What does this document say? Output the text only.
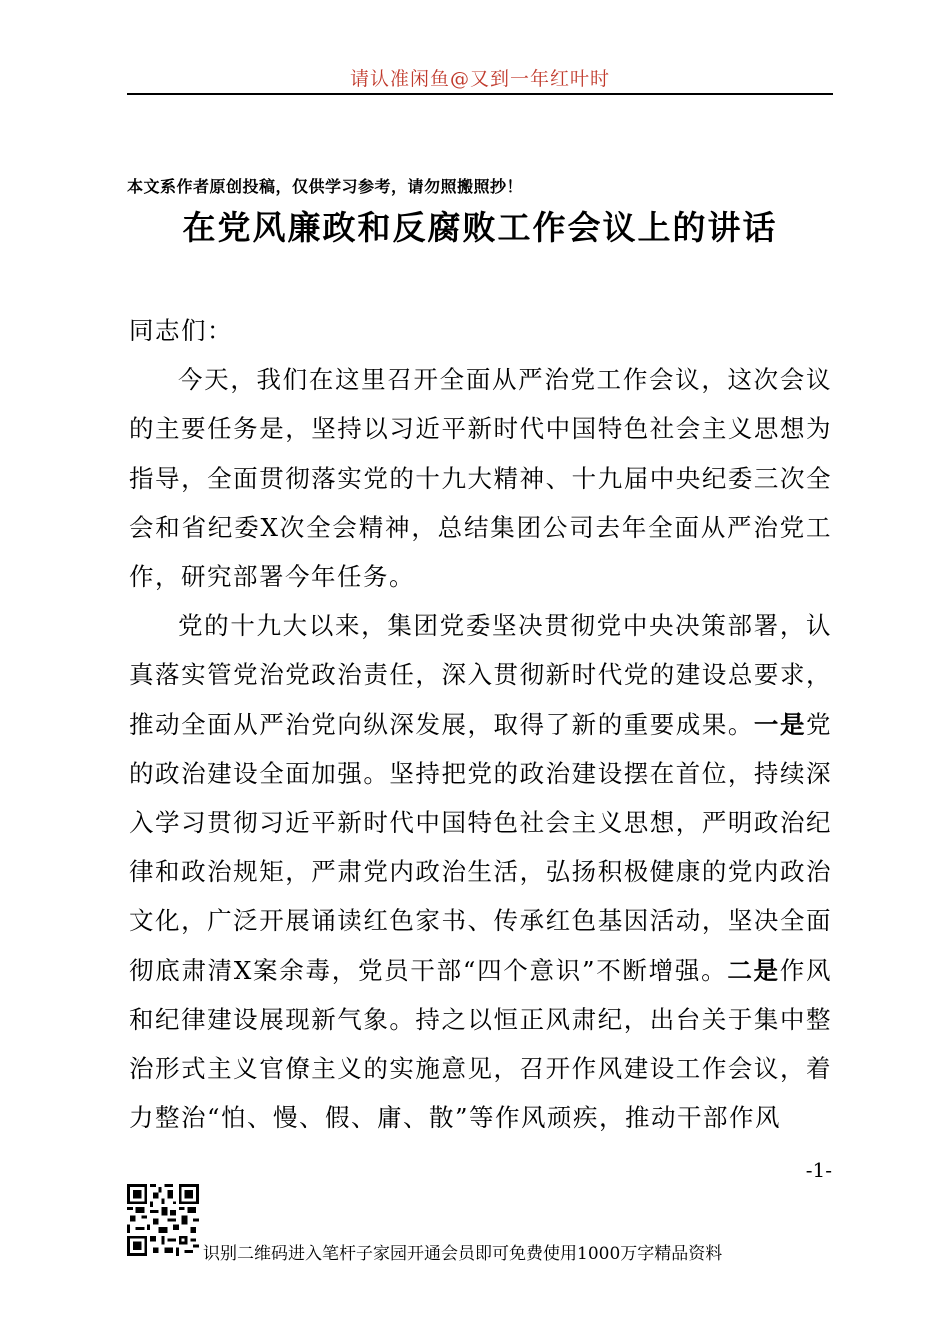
请认准闲鱼@又到一年红叶时
本文系作者原创投稿，仅供学习参考，请勿照搬照抄！
在党风廉政和反腐败工作会议上的讲话

同志们：

今天，我们在这里召开全面从严治党工作会议，这次会议的主要任务是，坚持以习近平新时代中国特色社会主义思想为指导，全面贯彻落实党的十九大精神、十九届中央纪委三次全会和省纪委X次全会精神，总结集团公司去年全面从严治党工作，研究部署今年任务。

党的十九大以来，集团党委坚决贯彻党中央决策部署，认真落实管党治党政治责任，深入贯彻新时代党的建设总要求，推动全面从严治党向纵深发展，取得了新的重要成果。一是党的政治建设全面加强。坚持把党的政治建设摆在首位，持续深入学习贯彻习近平新时代中国特色社会主义思想，严明政治纪律和政治规矩，严肃党内政治生活，弘扬积极健康的党内政治文化，广泛开展诵读红色家书、传承红色基因活动，坚决全面彻底肃清X案余毒，党员干部“四个意识”不断增强。二是作风和纪律建设展现新气象。持之以恒正风肃纪，出台关于集中整治形式主义官僚主义的实施意见，召开作风建设工作会议，着力整治“怕、慢、假、庸、散”等作风顽疾，推动干部作风

-1-
识别二维码进入笔杆子家园开通会员即可免费使用1000万字精品资料
